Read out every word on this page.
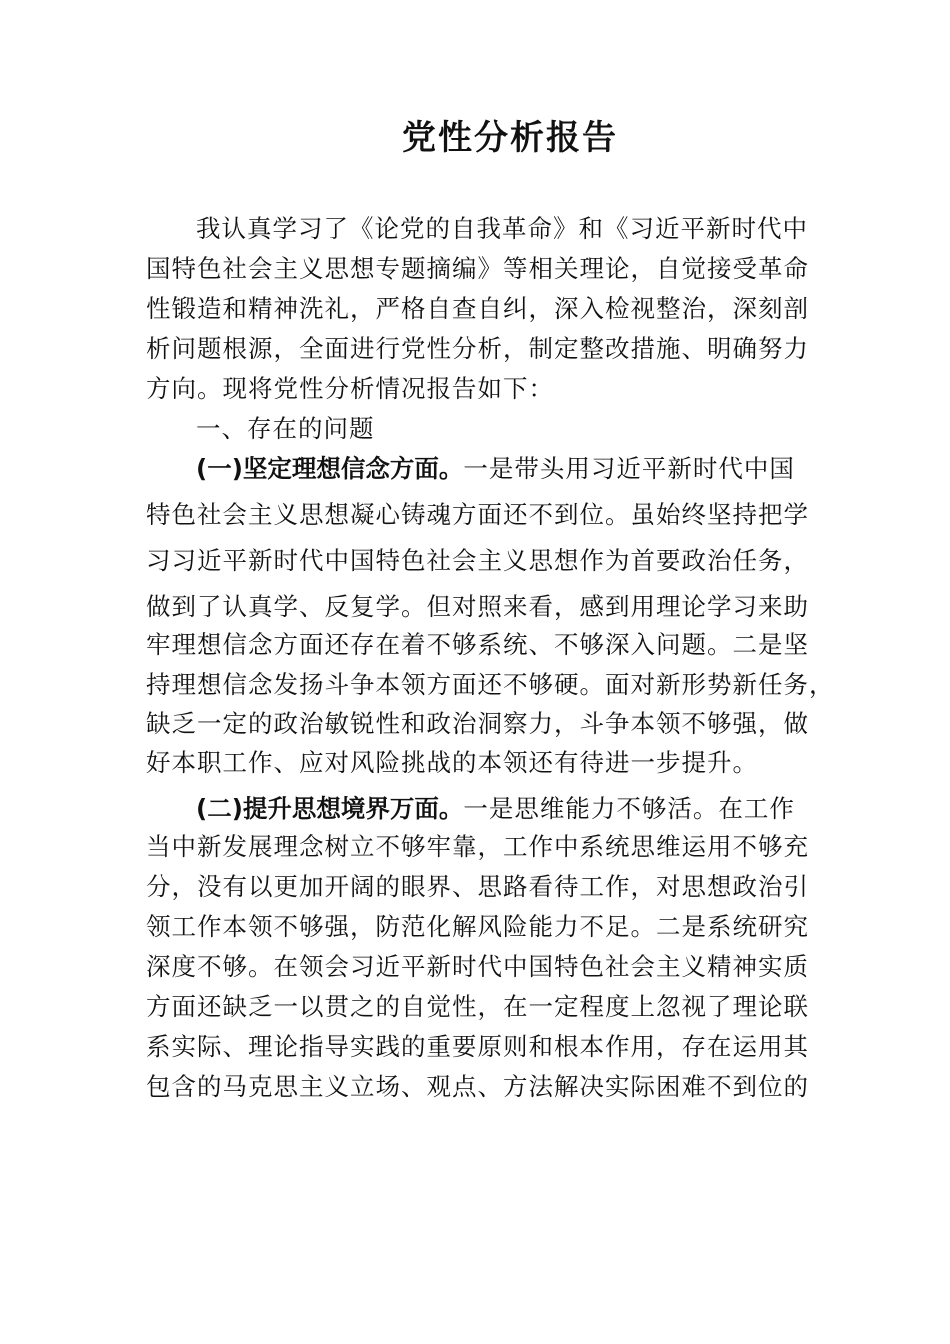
党性分析报告
我认真学习了《论党的自我革命》和《习近平新时代中
国特色社会主义思想专题摘编》等相关理论，自觉接受革命
性锻造和精神洗礼，严格自查自纠，深入检视整治，深刻剖
析问题根源，全面进行党性分析，制定整改措施、明确努力
方向。现将党性分析情况报告如下：
一、存在的问题
(一)坚定理想信念方面。一是带头用习近平新时代中国
特色社会主义思想凝心铸魂方面还不到位。虽始终坚持把学
习习近平新时代中国特色社会主义思想作为首要政治任务，
做到了认真学、反复学。但对照来看，感到用理论学习来助
牢理想信念方面还存在着不够系统、不够深入问题。二是坚
持理想信念发扬斗争本领方面还不够硬。面对新形势新任务，
缺乏一定的政治敏锐性和政治洞察力，斗争本领不够强，做
好本职工作、应对风险挑战的本领还有待进一步提升。
(二)提升思想境界万面。一是思维能力不够活。在工作
当中新发展理念树立不够牢靠，工作中系统思维运用不够充
分，没有以更加开阔的眼界、思路看待工作，对思想政治引
领工作本领不够强，防范化解风险能力不足。二是系统研究
深度不够。在领会习近平新时代中国特色社会主义精神实质
方面还缺乏一以贯之的自觉性，在一定程度上忽视了理论联
系实际、理论指导实践的重要原则和根本作用，存在运用其
包含的马克思主义立场、观点、方法解决实际困难不到位的
